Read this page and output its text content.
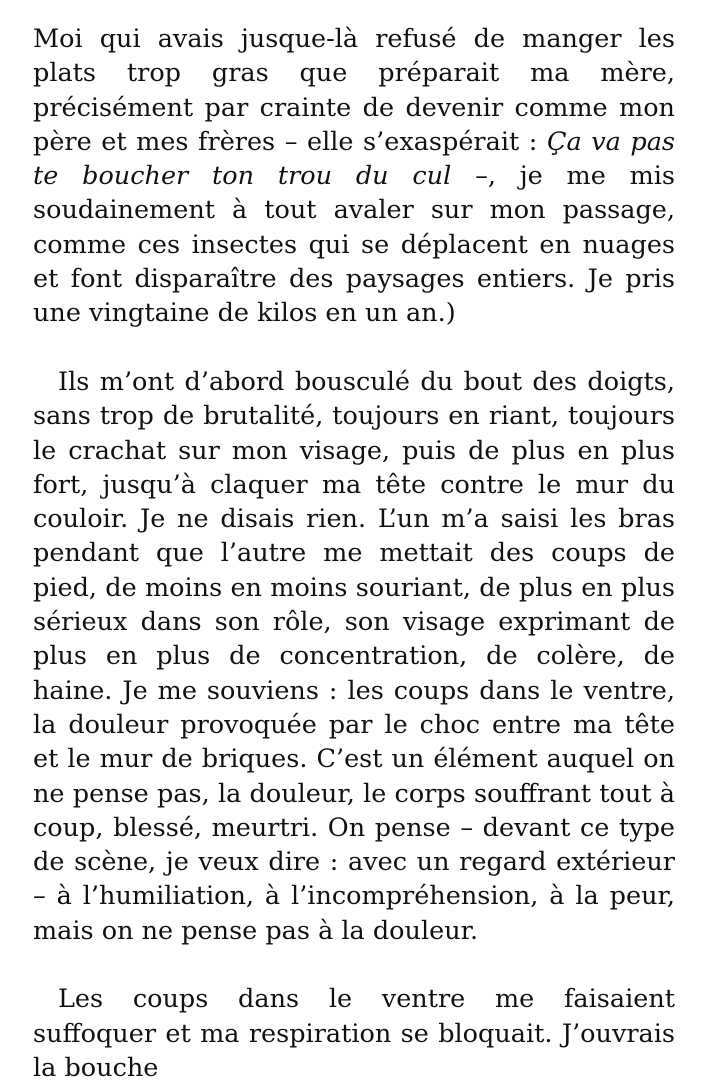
Moi qui avais jusque-là refusé de manger les plats trop gras que préparait ma mère, précisément par crainte de devenir comme mon père et mes frères – elle s’exaspérait : Ça va pas te boucher ton trou du cul –, je me mis soudainement à tout avaler sur mon passage, comme ces insectes qui se déplacent en nuages et font disparaître des paysages entiers. Je pris une vingtaine de kilos en un an.)

Ils m’ont d’abord bousculé du bout des doigts, sans trop de brutalité, toujours en riant, toujours le crachat sur mon visage, puis de plus en plus fort, jusqu’à claquer ma tête contre le mur du couloir. Je ne disais rien. L’un m’a saisi les bras pendant que l’autre me mettait des coups de pied, de moins en moins souriant, de plus en plus sérieux dans son rôle, son visage exprimant de plus en plus de concentration, de colère, de haine. Je me souviens : les coups dans le ventre, la douleur provoquée par le choc entre ma tête et le mur de briques. C’est un élément auquel on ne pense pas, la douleur, le corps souffrant tout à coup, blessé, meurtri. On pense – devant ce type de scène, je veux dire : avec un regard extérieur – à l’humiliation, à l’incompréhension, à la peur, mais on ne pense pas à la douleur.

Les coups dans le ventre me faisaient suffoquer et ma respiration se bloquait. J’ouvrais la bouche
